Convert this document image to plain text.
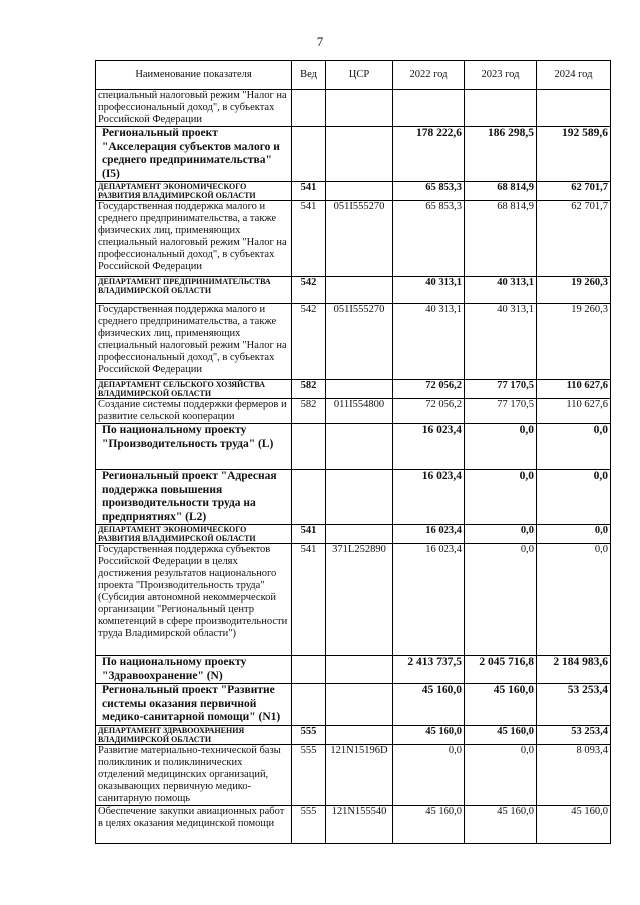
7
Наименование показателя	Вед	ЦСР	2022 год	2023 год	2024 год
специальный налоговый режим "Налог на профессиональный доход", в субъектах Российской Федерации					
Региональный проект "Акселерация субъектов малого и среднего предпринимательства" (I5)			178 222,6	186 298,5	192 589,6
ДЕПАРТАМЕНТ ЭКОНОМИЧЕСКОГО РАЗВИТИЯ ВЛАДИМИРСКОЙ ОБЛАСТИ	541		65 853,3	68 814,9	62 701,7
Государственная поддержка малого и среднего предпринимательства, а также физических лиц, применяющих специальный налоговый режим "Налог на профессиональный доход", в субъектах Российской Федерации	541	051I555270	65 853,3	68 814,9	62 701,7
ДЕПАРТАМЕНТ ПРЕДПРИНИМАТЕЛЬСТВА ВЛАДИМИРСКОЙ ОБЛАСТИ	542		40 313,1	40 313,1	19 260,3
Государственная поддержка малого и среднего предпринимательства, а также физических лиц, применяющих специальный налоговый режим "Налог на профессиональный доход", в субъектах Российской Федерации	542	051I555270	40 313,1	40 313,1	19 260,3
ДЕПАРТАМЕНТ СЕЛЬСКОГО ХОЗЯЙСТВА ВЛАДИМИРСКОЙ ОБЛАСТИ	582		72 056,2	77 170,5	110 627,6
Создание системы поддержки фермеров и развитие сельской кооперации	582	011I554800	72 056,2	77 170,5	110 627,6
По национальному проекту "Производительность труда" (L)			16 023,4	0,0	0,0
Региональный проект "Адресная поддержка повышения производительности труда на предприятиях" (L2)			16 023,4	0,0	0,0
ДЕПАРТАМЕНТ ЭКОНОМИЧЕСКОГО РАЗВИТИЯ ВЛАДИМИРСКОЙ ОБЛАСТИ	541		16 023,4	0,0	0,0
Государственная поддержка субъектов Российской Федерации в целях достижения результатов национального проекта "Производительность труда" (Субсидия автономной некоммерческой организации "Региональный центр компетенций в сфере производительности труда Владимирской области")	541	371L252890	16 023,4	0,0	0,0
По национальному проекту "Здравоохранение" (N)			2 413 737,5	2 045 716,8	2 184 983,6
Региональный проект "Развитие системы оказания первичной медико-санитарной помощи" (N1)			45 160,0	45 160,0	53 253,4
ДЕПАРТАМЕНТ ЗДРАВООХРАНЕНИЯ ВЛАДИМИРСКОЙ ОБЛАСТИ	555		45 160,0	45 160,0	53 253,4
Развитие материально-технической базы поликлиник и поликлинических отделений медицинских организаций, оказывающих первичную медико-санитарную помощь	555	121N15196D	0,0	0,0	8 093,4
Обеспечение закупки авиационных работ в целях оказания медицинской помощи	555	121N155540	45 160,0	45 160,0	45 160,0
